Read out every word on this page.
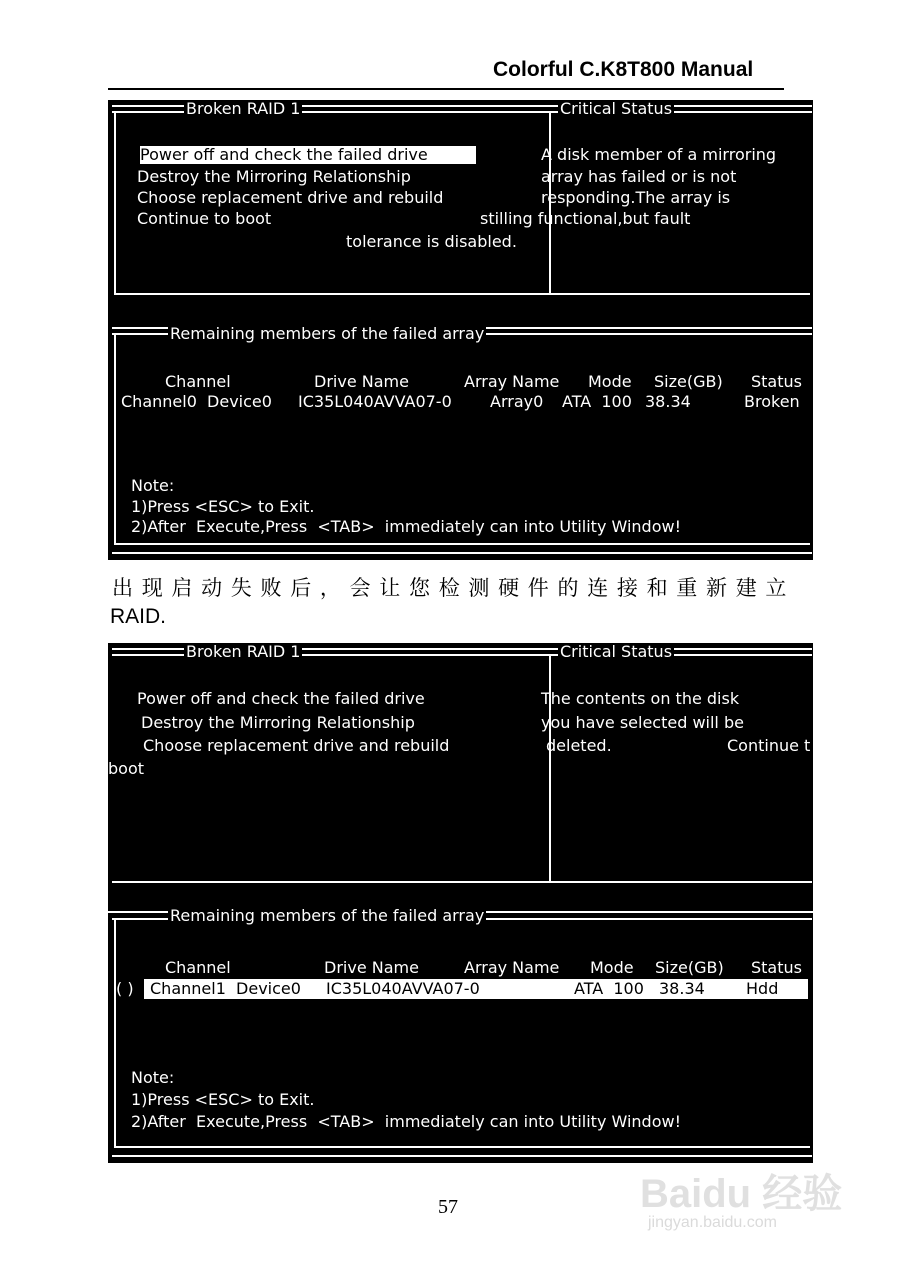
Colorful C.K8T800 Manual
Broken RAID 1	Critical Status
Power off and check the failed drive
Destroy the Mirroring Relationship
Choose replacement drive and rebuild
Continue to boot
A disk member of a mirroring
array has failed or is not
responding.The array is
stilling functional,but fault
tolerance is disabled.
Remaining members of the failed array
Channel	Drive Name	Array Name Mode Size(GB) Status
Channel0  Device0 IC35L040AVVA07-0 Array0 ATA  100 38.34	Broken
Note:
1)Press <ESC> to Exit.
2)After  Execute,Press  <TAB>  immediately can into Utility Window!
出现启动失败后，会让您检测硬件的连接和重新建立
RAID.
Broken RAID 1	Critical Status
Power off and check the failed drive
Destroy the Mirroring Relationship
Choose replacement drive and rebuild
boot
The contents on the disk
you have selected will be
deleted.	Continue t
Remaining members of the failed array
Channel	Drive Name	Array Name Mode Size(GB) Status
( ) Channel1  Device0 IC35L040AVVA07-0	ATA  100 38.34	Hdd
Note:
1)Press <ESC> to Exit.
2)After  Execute,Press  <TAB>  immediately can into Utility Window!
57	Baidu 经验
jingyan.baidu.com
